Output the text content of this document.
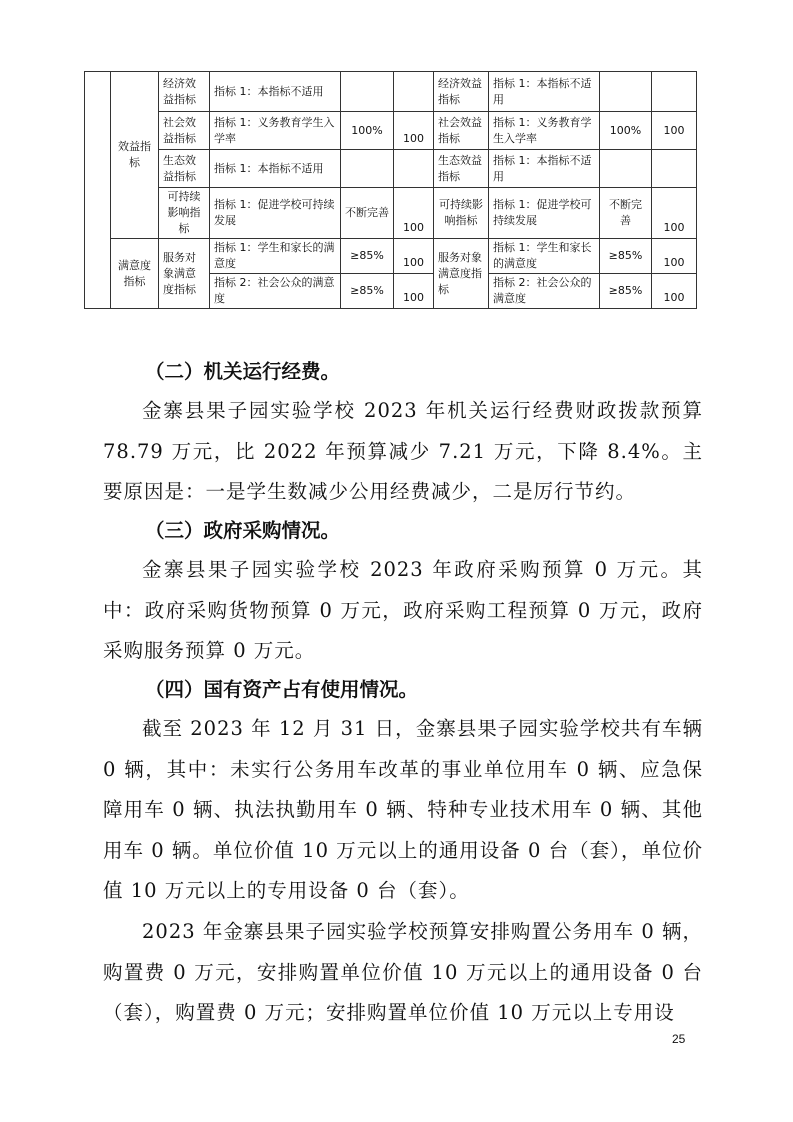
	效益指标	经济效益指标	指标 1：本指标不适用			经济效益指标	指标 1：本指标不适用		
		社会效益指标	指标 1：义务教育学生入学率	100%	100	社会效益指标	指标 1：义务教育学生入学率	100%	100
		生态效益指标	指标 1：本指标不适用			生态效益指标	指标 1：本指标不适用		
		可持续影响指标	指标 1：促进学校可持续发展	不断完善	100	可持续影响指标	指标 1：促进学校可持续发展	不断完善	100
	满意度指标	服务对象满意度指标	指标 1：学生和家长的满意度	≥85%	100	服务对象满意度指标	指标 1：学生和家长的满意度	≥85%	100
			指标 2：社会公众的满意度	≥85%	100		指标 2：社会公众的满意度	≥85%	100
（二）机关运行经费。

金寨县果子园实验学校 2023 年机关运行经费财政拨款预算 78.79 万元，比 2022 年预算减少 7.21 万元，下降 8.4%。主要原因是：一是学生数减少公用经费减少，二是厉行节约。

（三）政府采购情况。

金寨县果子园实验学校 2023 年政府采购预算 0 万元。其中：政府采购货物预算 0 万元，政府采购工程预算 0 万元，政府采购服务预算 0 万元。

（四）国有资产占有使用情况。

截至 2023 年 12 月 31 日，金寨县果子园实验学校共有车辆 0 辆，其中：未实行公务用车改革的事业单位用车 0 辆、应急保障用车 0 辆、执法执勤用车 0 辆、特种专业技术用车 0 辆、其他用车 0 辆。单位价值 10 万元以上的通用设备 0 台（套），单位价值 10 万元以上的专用设备 0 台（套）。

2023 年金寨县果子园实验学校预算安排购置公务用车 0 辆，购置费 0 万元，安排购置单位价值 10 万元以上的通用设备 0 台（套），购置费 0 万元；安排购置单位价值 10 万元以上专用设

25
